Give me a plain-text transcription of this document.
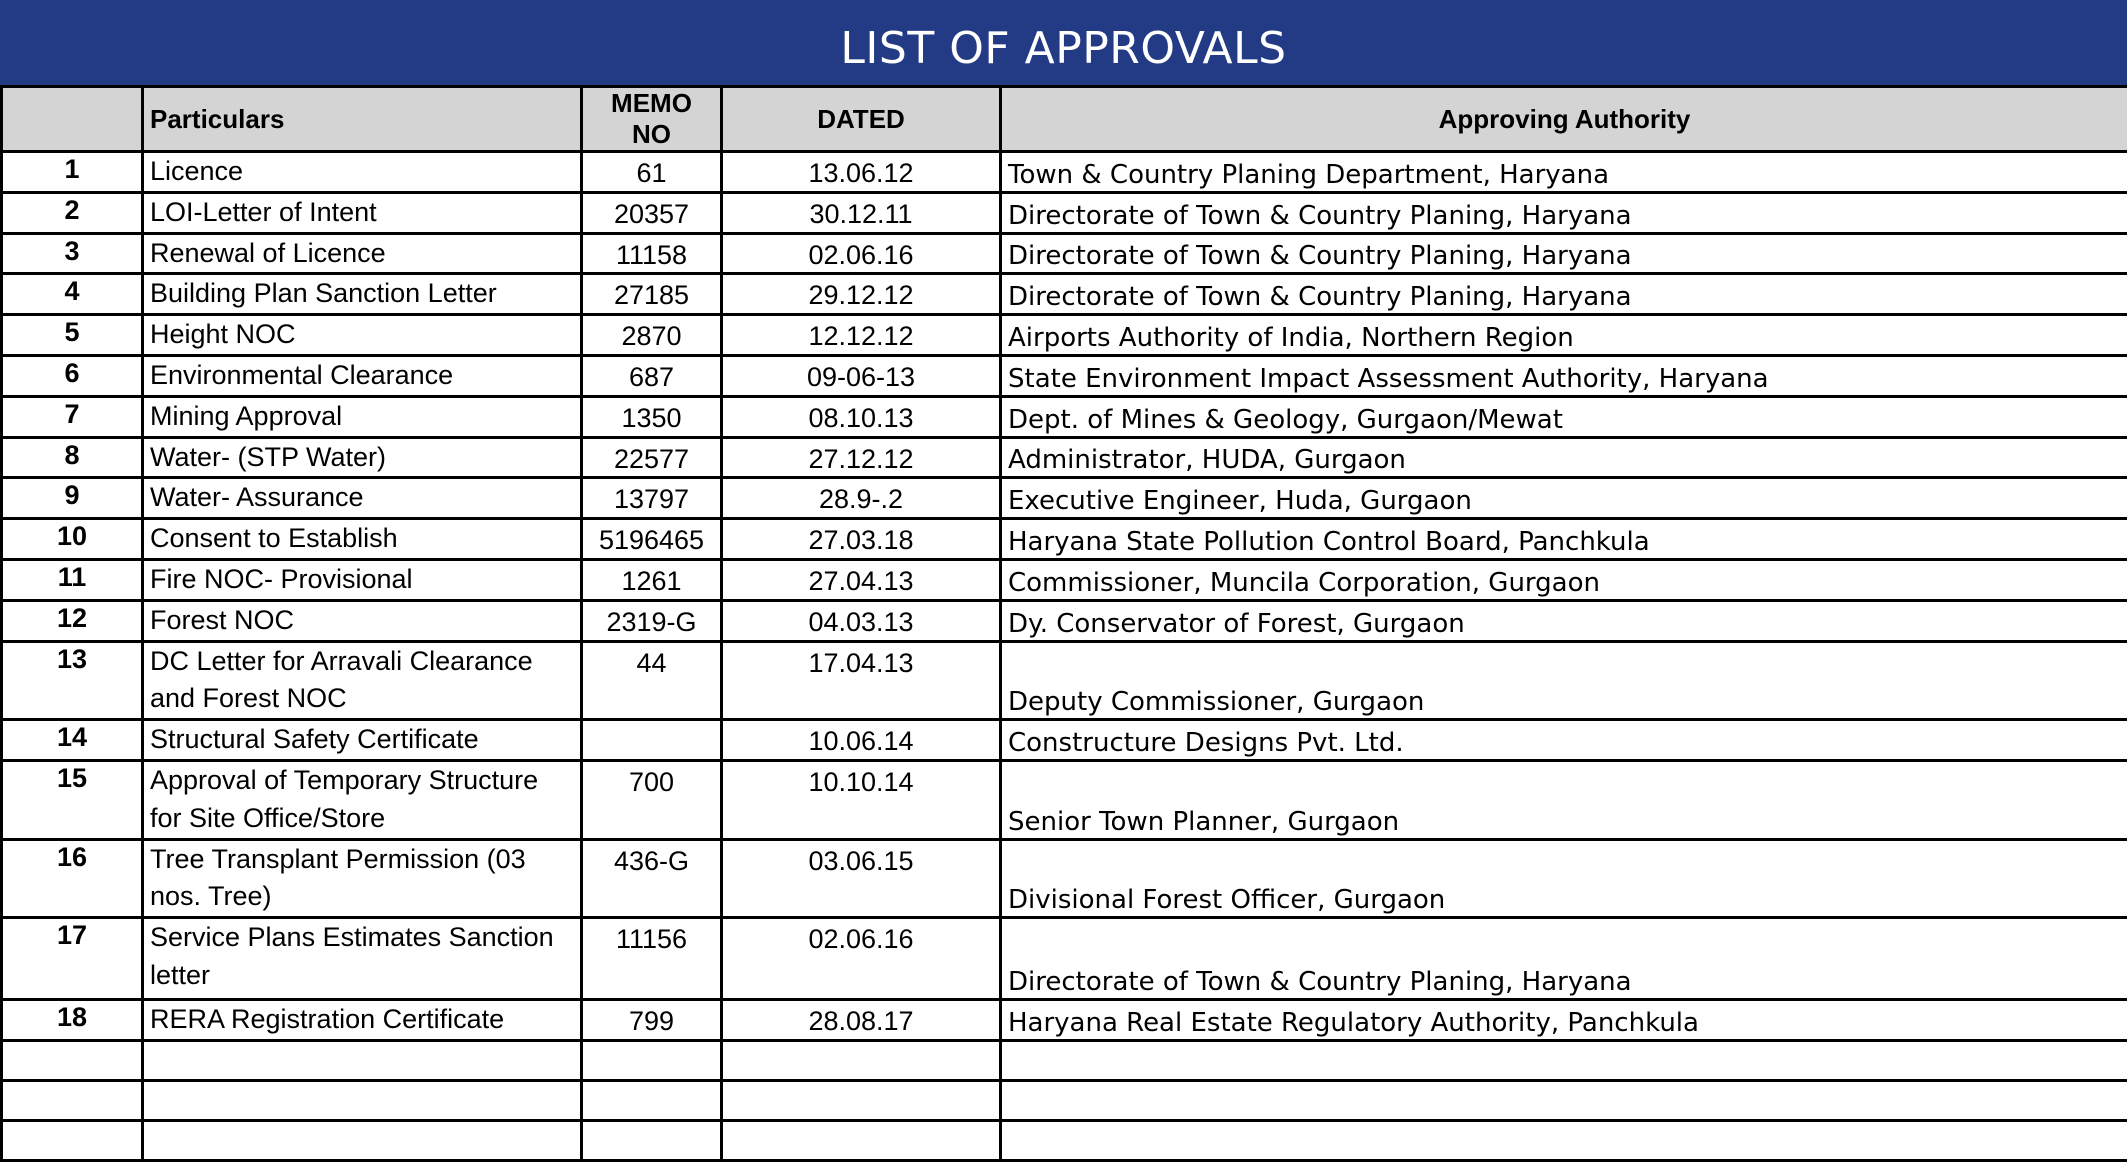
LIST OF APPROVALS
	Particulars	MEMO NO	DATED	Approving Authority
1	Licence	61	13.06.12	Town & Country Planing Department, Haryana
2	LOI-Letter of Intent	20357	30.12.11	Directorate of Town & Country Planing, Haryana
3	Renewal of Licence	11158	02.06.16	Directorate of Town & Country Planing, Haryana
4	Building Plan Sanction Letter	27185	29.12.12	Directorate of Town & Country Planing, Haryana
5	Height NOC	2870	12.12.12	Airports Authority of India, Northern Region
6	Environmental Clearance	687	09-06-13	State Environment Impact Assessment Authority, Haryana
7	Mining Approval	1350	08.10.13	Dept. of Mines & Geology, Gurgaon/Mewat
8	Water- (STP Water)	22577	27.12.12	Administrator, HUDA, Gurgaon
9	Water- Assurance	13797	28.9-.2	Executive Engineer, Huda, Gurgaon
10	Consent to Establish	5196465	27.03.18	Haryana State Pollution Control Board, Panchkula
11	Fire NOC- Provisional	1261	27.04.13	Commissioner, Muncila Corporation, Gurgaon
12	Forest NOC	2319-G	04.03.13	Dy. Conservator of Forest, Gurgaon
13	DC Letter for Arravali Clearance and Forest NOC	44	17.04.13	Deputy Commissioner, Gurgaon
14	Structural Safety Certificate		10.06.14	Constructure Designs Pvt. Ltd.
15	Approval of Temporary Structure for Site Office/Store	700	10.10.14	Senior Town Planner, Gurgaon
16	Tree Transplant Permission (03 nos. Tree)	436-G	03.06.15	Divisional Forest Officer, Gurgaon
17	Service Plans Estimates Sanction letter	11156	02.06.16	Directorate of Town & Country Planing, Haryana
18	RERA Registration Certificate	799	28.08.17	Haryana Real Estate Regulatory Authority, Panchkula
